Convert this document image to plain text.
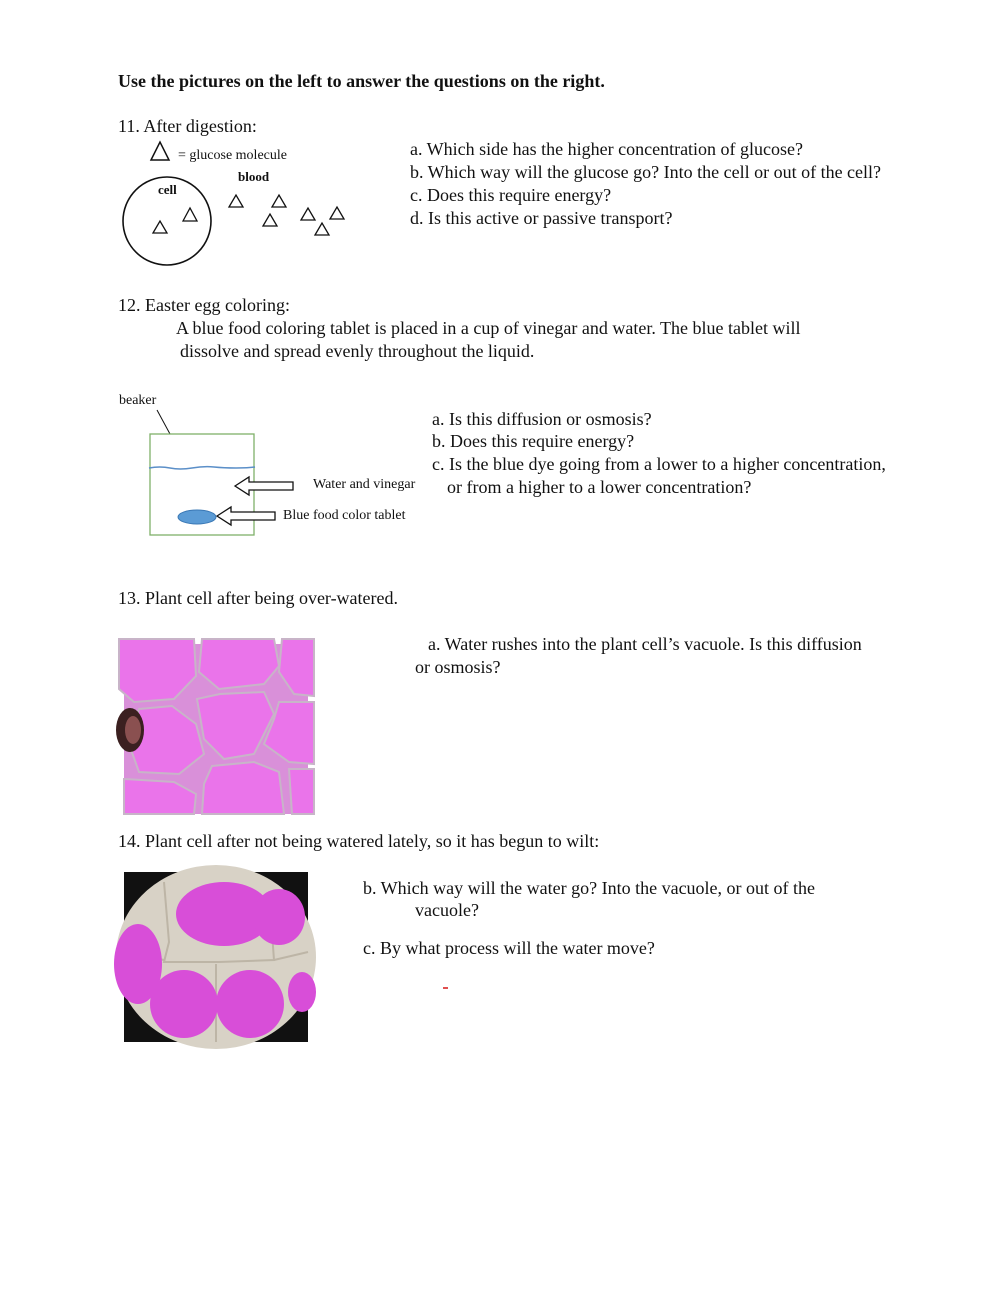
Use the pictures on the left to answer the questions on the right.
11. After digestion:
= glucose molecule
blood
cell
a. Which side has the higher concentration of glucose?
b. Which way will the glucose go? Into the cell or out of the cell?
c. Does this require energy?
d. Is this active or passive transport?
12. Easter egg coloring:
A blue food coloring tablet is placed in a cup of vinegar and water. The blue tablet will
dissolve and spread evenly throughout the liquid.
beaker
Water and vinegar
Blue food color tablet
a. Is this diffusion or osmosis?
b. Does this require energy?
c. Is the blue dye going from a lower to a higher concentration,
or from a higher to a lower concentration?
13. Plant cell after being over-watered.
a. Water rushes into the plant cell’s vacuole. Is this diffusion
or osmosis?
14. Plant cell after not being watered lately, so it has begun to wilt:
b. Which way will the water go? Into the vacuole, or out of the
vacuole?
c. By what process will the water move?
